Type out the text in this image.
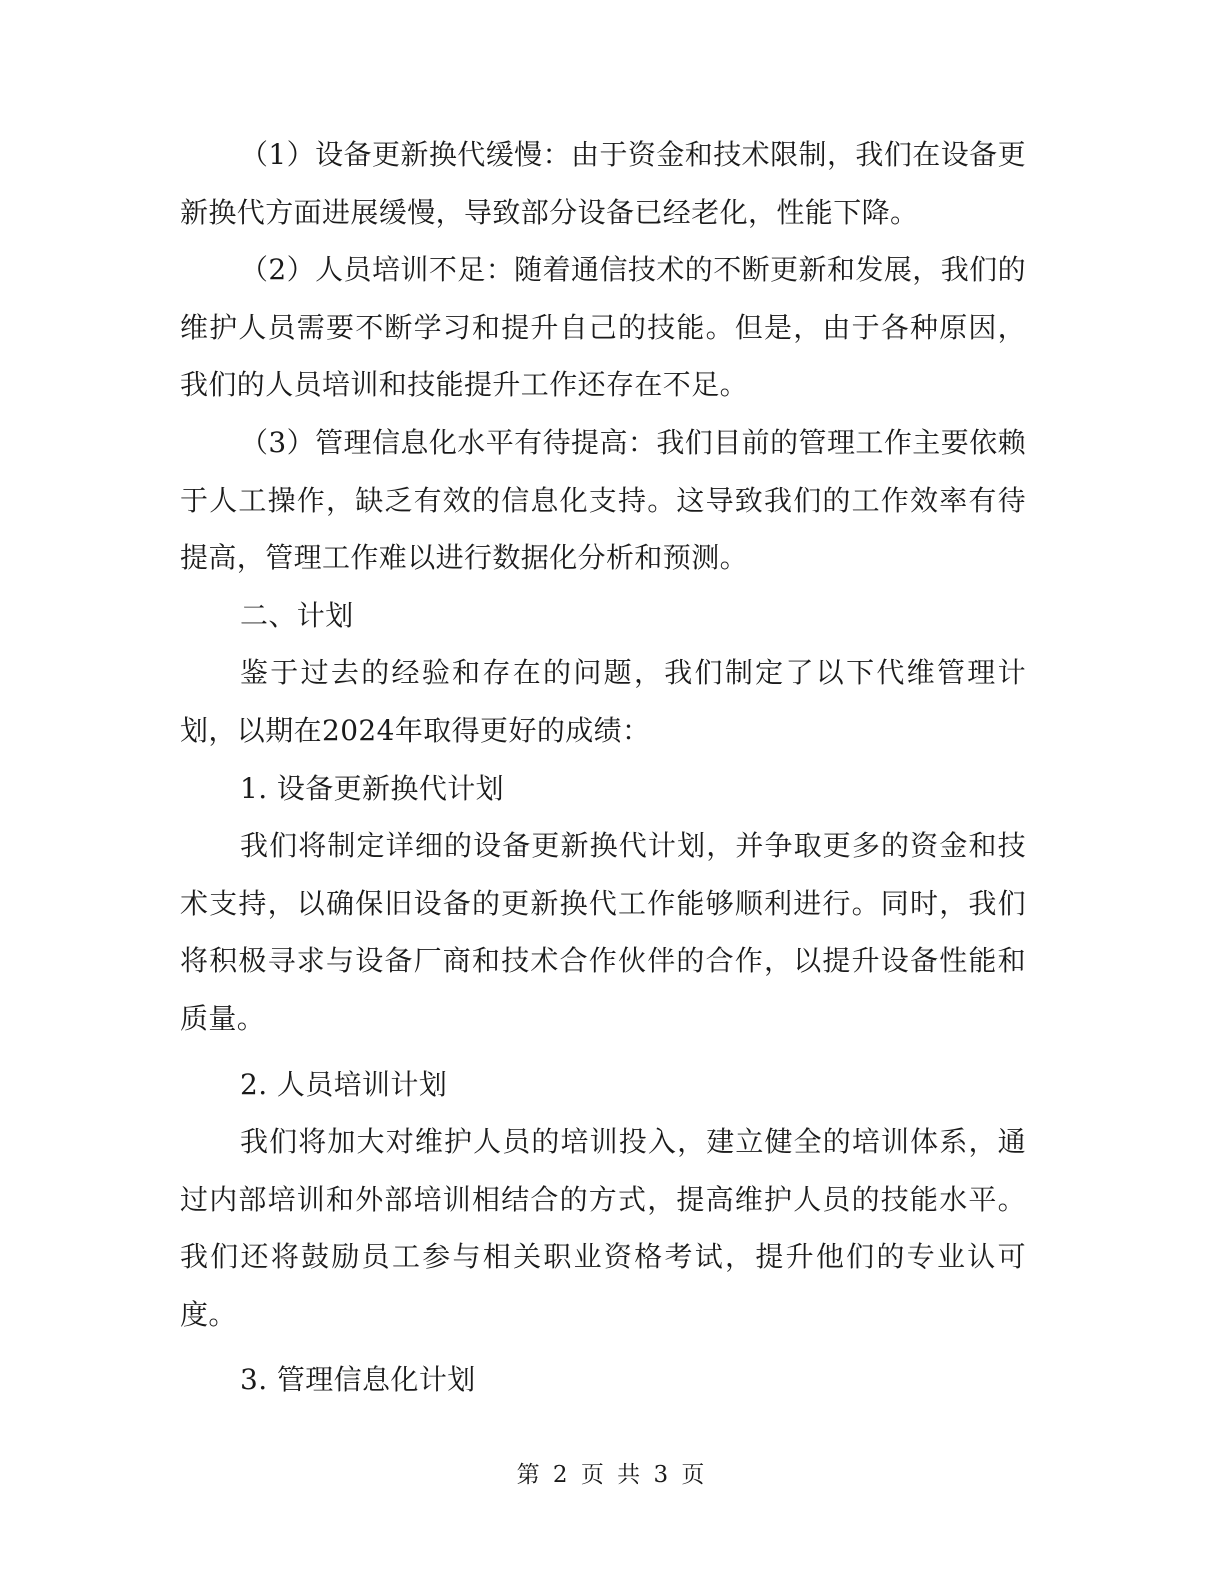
（1）设备更新换代缓慢：由于资金和技术限制，我们在设备更新换代方面进展缓慢，导致部分设备已经老化，性能下降。

（2）人员培训不足：随着通信技术的不断更新和发展，我们的维护人员需要不断学习和提升自己的技能。但是，由于各种原因，我们的人员培训和技能提升工作还存在不足。

（3）管理信息化水平有待提高：我们目前的管理工作主要依赖于人工操作，缺乏有效的信息化支持。这导致我们的工作效率有待提高，管理工作难以进行数据化分析和预测。

二、计划

鉴于过去的经验和存在的问题，我们制定了以下代维管理计划，以期在2024年取得更好的成绩：

1. 设备更新换代计划

我们将制定详细的设备更新换代计划，并争取更多的资金和技术支持，以确保旧设备的更新换代工作能够顺利进行。同时，我们将积极寻求与设备厂商和技术合作伙伴的合作，以提升设备性能和质量。

2. 人员培训计划

我们将加大对维护人员的培训投入，建立健全的培训体系，通过内部培训和外部培训相结合的方式，提高维护人员的技能水平。我们还将鼓励员工参与相关职业资格考试，提升他们的专业认可度。

3. 管理信息化计划

第 2 页 共 3 页
